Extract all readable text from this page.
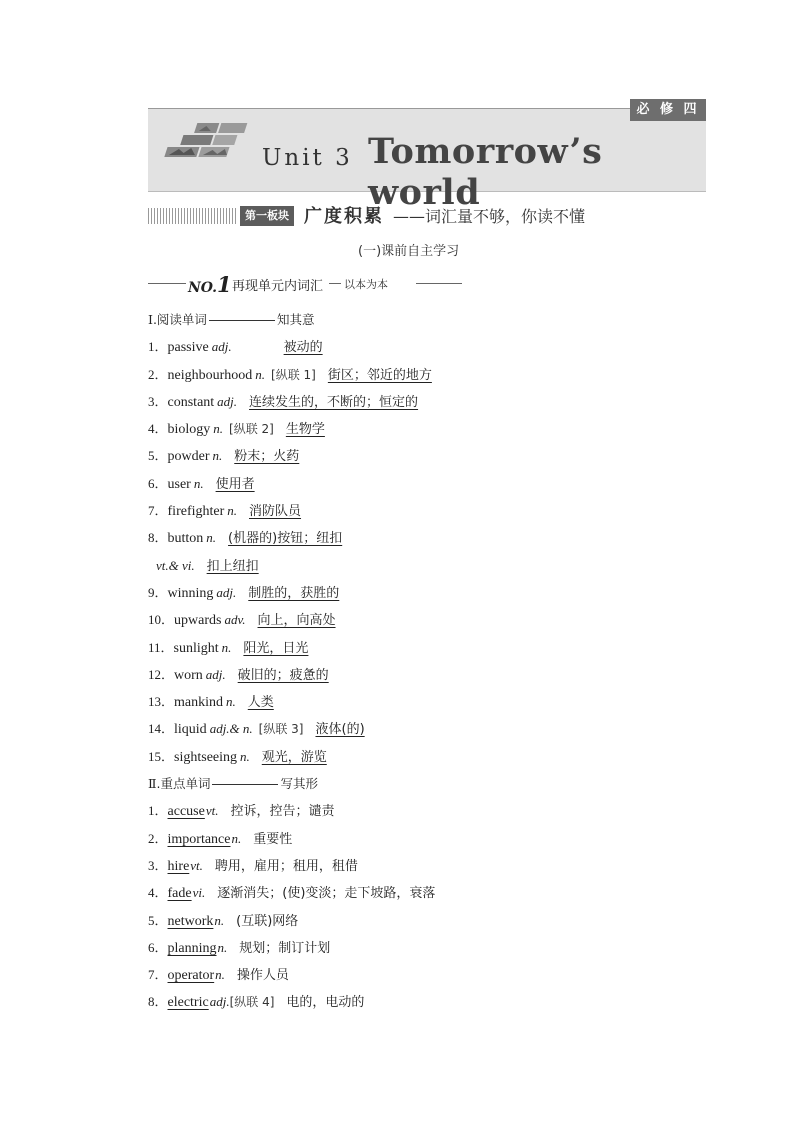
必 修 四
Unit 3 Tomorrow’s world
第一板块 广度积累 ——词汇量不够，你读不懂
(一)课前自主学习
NO.1 再现单元内词汇 以本为本
Ⅰ.阅读单词	知其意
1．passive adj.	被动的
2．neighbourhood n. [纵联 1] 街区；邻近的地方
3．constant adj. 连续发生的，不断的；恒定的
4．biology n. [纵联 2] 生物学
5．powder n. 粉末；火药
6．user n. 使用者
7．firefighter n. 消防队员
8．button n. (机器的)按钮；纽扣
vt.& vi. 扣上纽扣
9．winning adj. 制胜的，获胜的
10．upwards adv. 向上，向高处
11．sunlight n. 阳光，日光
12．worn adj. 破旧的；疲惫的
13．mankind n. 人类
14．liquid adj.& n. [纵联 3] 液体(的)
15．sightseeing n. 观光，游览
Ⅱ.重点单词	写其形
1．accusevt. 控诉，控告；谴责
2．importancen. 重要性
3．hirevt. 聘用，雇用；租用，租借
4．fadevi. 逐渐消失；(使)变淡；走下坡路，衰落
5．networkn. (互联)网络
6．planningn. 规划；制订计划
7．operatorn. 操作人员
8．electricadj.[纵联 4] 电的，电动的
